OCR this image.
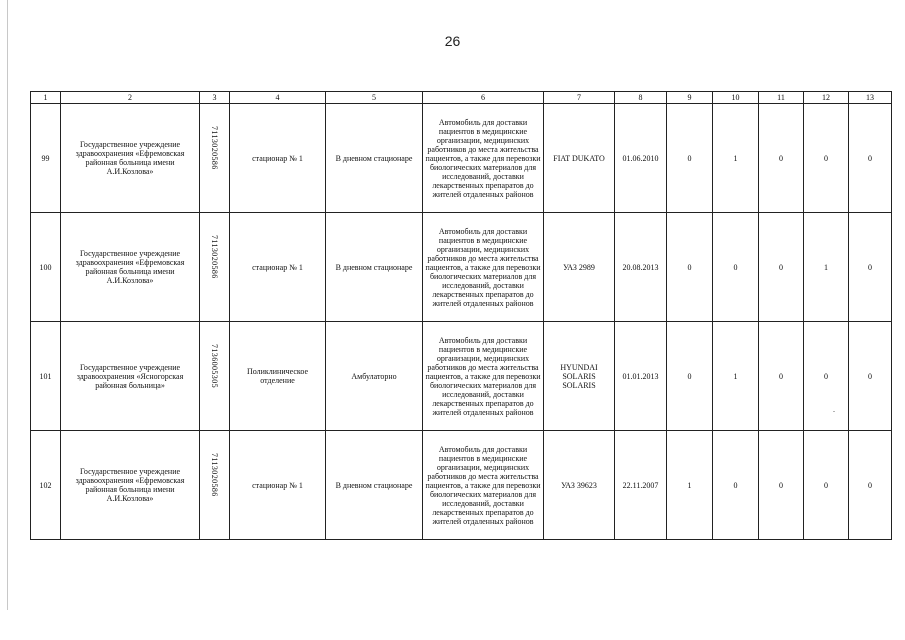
26
1	2	3	4	5	6	7	8	9	10	11	12	13
99	Государственное учреждение здравоохранения «Ефремовская районная больница имени А.И.Козлова»	7113020586	стационар № 1	В дневном стационаре	Автомобиль для доставки пациентов в медицинские организации, медицинских работников до места жительства пациентов, а также для перевозки биологических материалов для исследований, доставки лекарственных препаратов до жителей отдаленных районов	FIAT DUKATO	01.06.2010	0	1	0	0	0
100	Государственное учреждение здравоохранения «Ефремовская районная больница имени А.И.Козлова»	7113020586	стационар № 1	В дневном стационаре	Автомобиль для доставки пациентов в медицинские организации, медицинских работников до места жительства пациентов, а также для перевозки биологических материалов для исследований, доставки лекарственных препаратов до жителей отдаленных районов	УАЗ 2989	20.08.2013	0	0	0	1	0
101	Государственное учреждение здравоохранения «Ясногорская районная больница»	7136005305	Поликлиническое отделение	Амбулаторно	Автомобиль для доставки пациентов в медицинские организации, медицинских работников до места жительства пациентов, а также для перевозки биологических материалов для исследований, доставки лекарственных препаратов до жителей отдаленных районов	HYUNDAI SOLARIS SOLARIS	01.01.2013	0	1	0	0	0
102	Государственное учреждение здравоохранения «Ефремовская районная больница имени А.И.Козлова»	7113020586	стационар № 1	В дневном стационаре	Автомобиль для доставки пациентов в медицинские организации, медицинских работников до места жительства пациентов, а также для перевозки биологических материалов для исследований, доставки лекарственных препаратов до жителей отдаленных районов	УАЗ 39623	22.11.2007	1	0	0	0	0
.
